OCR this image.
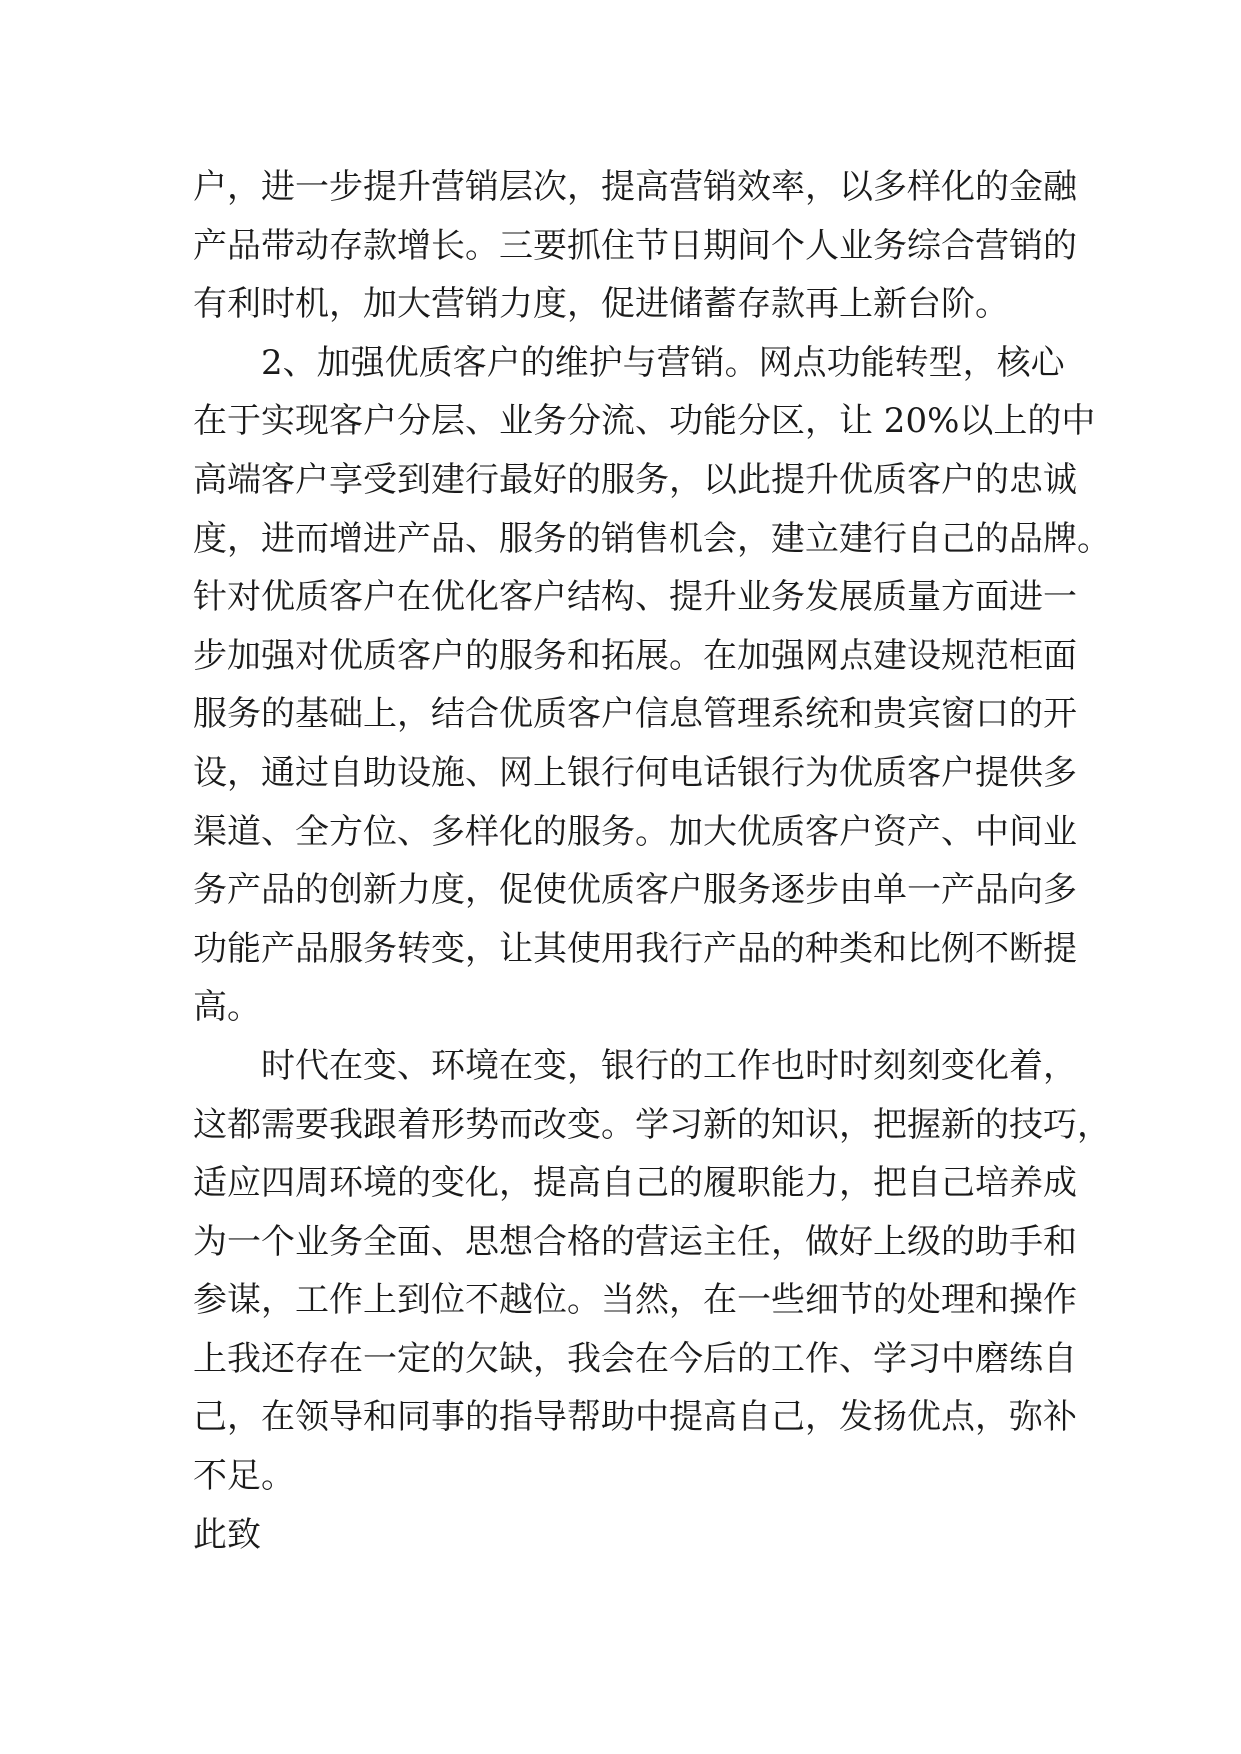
户，进一步提升营销层次，提高营销效率，以多样化的金融
产品带动存款增长。三要抓住节日期间个人业务综合营销的
有利时机，加大营销力度，促进储蓄存款再上新台阶。
2、加强优质客户的维护与营销。网点功能转型，核心
在于实现客户分层、业务分流、功能分区，让 20%以上的中
高端客户享受到建行最好的服务，以此提升优质客户的忠诚
度，进而增进产品、服务的销售机会，建立建行自己的品牌。
针对优质客户在优化客户结构、提升业务发展质量方面进一
步加强对优质客户的服务和拓展。在加强网点建设规范柜面
服务的基础上，结合优质客户信息管理系统和贵宾窗口的开
设，通过自助设施、网上银行何电话银行为优质客户提供多
渠道、全方位、多样化的服务。加大优质客户资产、中间业
务产品的创新力度，促使优质客户服务逐步由单一产品向多
功能产品服务转变，让其使用我行产品的种类和比例不断提
高。
时代在变、环境在变，银行的工作也时时刻刻变化着，
这都需要我跟着形势而改变。学习新的知识，把握新的技巧，
适应四周环境的变化，提高自己的履职能力，把自己培养成
为一个业务全面、思想合格的营运主任，做好上级的助手和
参谋，工作上到位不越位。当然，在一些细节的处理和操作
上我还存在一定的欠缺，我会在今后的工作、学习中磨练自
己，在领导和同事的指导帮助中提高自己，发扬优点，弥补
不足。
此致
